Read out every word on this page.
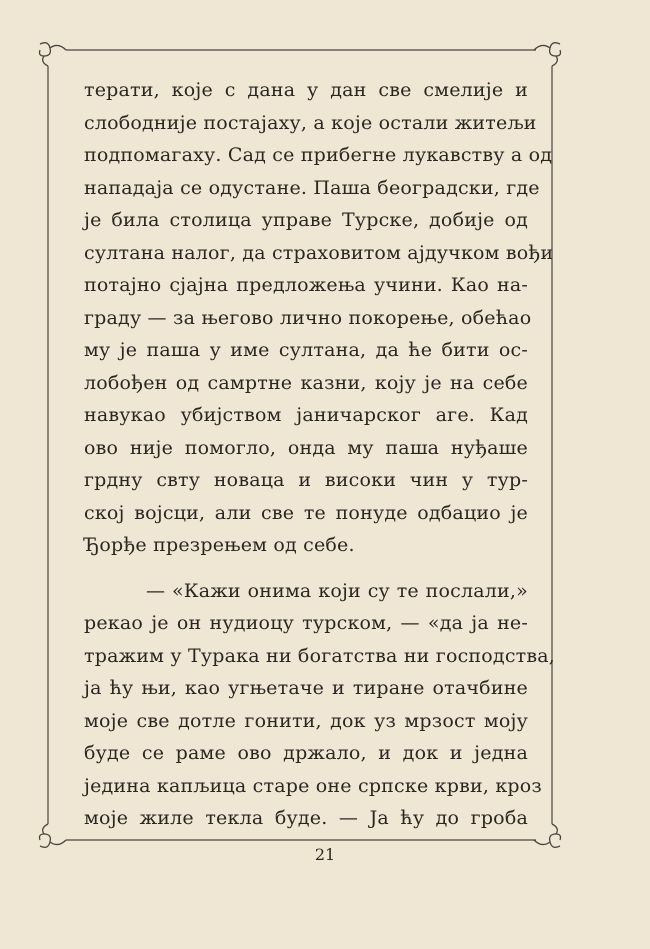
терати, које с дана у дан све смелије и
слободније постајаху, а које остали житељи
подпомагаху. Сад се прибегне лукавству а од
нападаја се одустане. Паша београдски, где
је била столица управе Турске, добије од
султана налог, да страховитом ајдучком вођи
потајно сјајна предложења учини. Као на-
граду — за његово лично покорење, обећао
му је паша у име султана, да ће бити ос-
лобођен од самртне казни, коју је на себе
навукао убијством јаничарског аге. Кад
ово није помогло, онда му паша нуђаше
грдну свту новаца и високи чин у тур-
ској војсци, али све те понуде одбацио је
Ђорђе презрењем од себе.
— «Кажи онима који су те послали,»
рекао је он нудиоцу турском, — «да ја не-
тражим у Турака ни богатства ни господства,
ја ћу њи, као угњетаче и тиране отачбине
моје све дотле гонити, док уз мрзост моју
буде се раме ово држало, и док и једна
једина капљица старе оне српске крви, кроз
моје жиле текла буде. — Ја ћу до гроба
21
